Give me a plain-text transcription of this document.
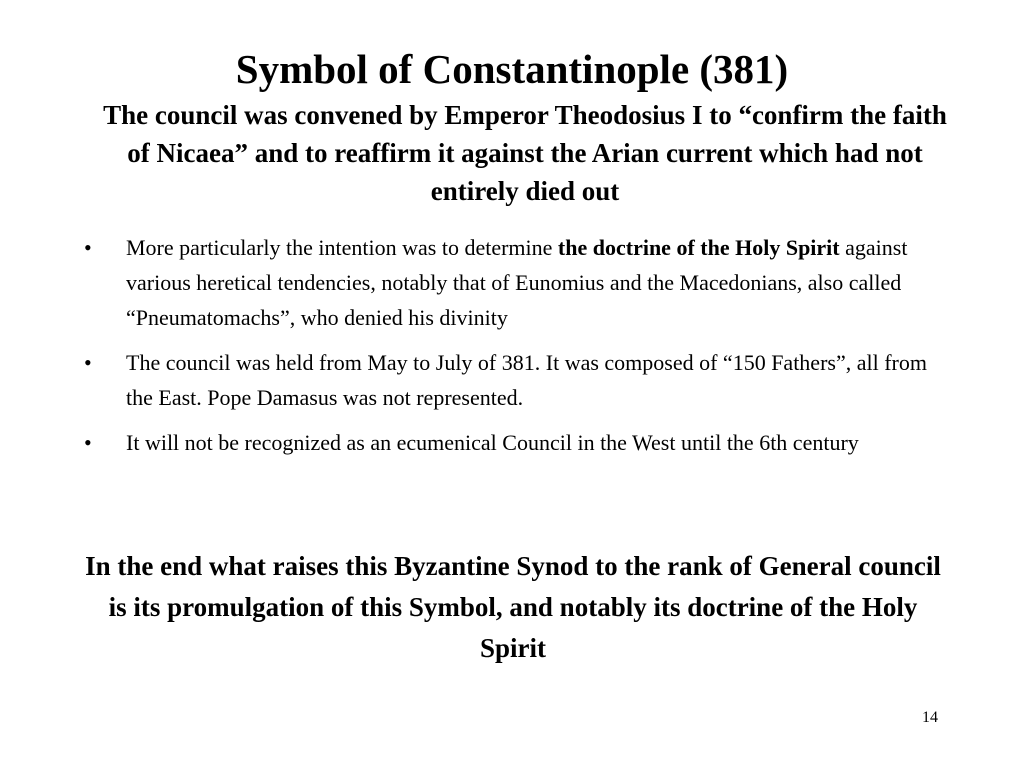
Symbol of Constantinople (381)

The council was convened by Emperor Theodosius I to “confirm the faith of Nicaea” and to reaffirm it against the Arian current which had not entirely died out

•	More particularly the intention was to determine the doctrine of the Holy Spirit against various heretical tendencies, notably that of Eunomius and the Macedonians, also called “Pneumatomachs”, who denied his divinity
•	The council was held from May to July of 381. It was composed of “150 Fathers”, all from the East. Pope Damasus was not represented.
•	It will not be recognized as an ecumenical Council in the West until the 6th century

In the end what raises this Byzantine Synod to the rank of General council is its promulgation of this Symbol, and notably its doctrine of the Holy Spirit

14
